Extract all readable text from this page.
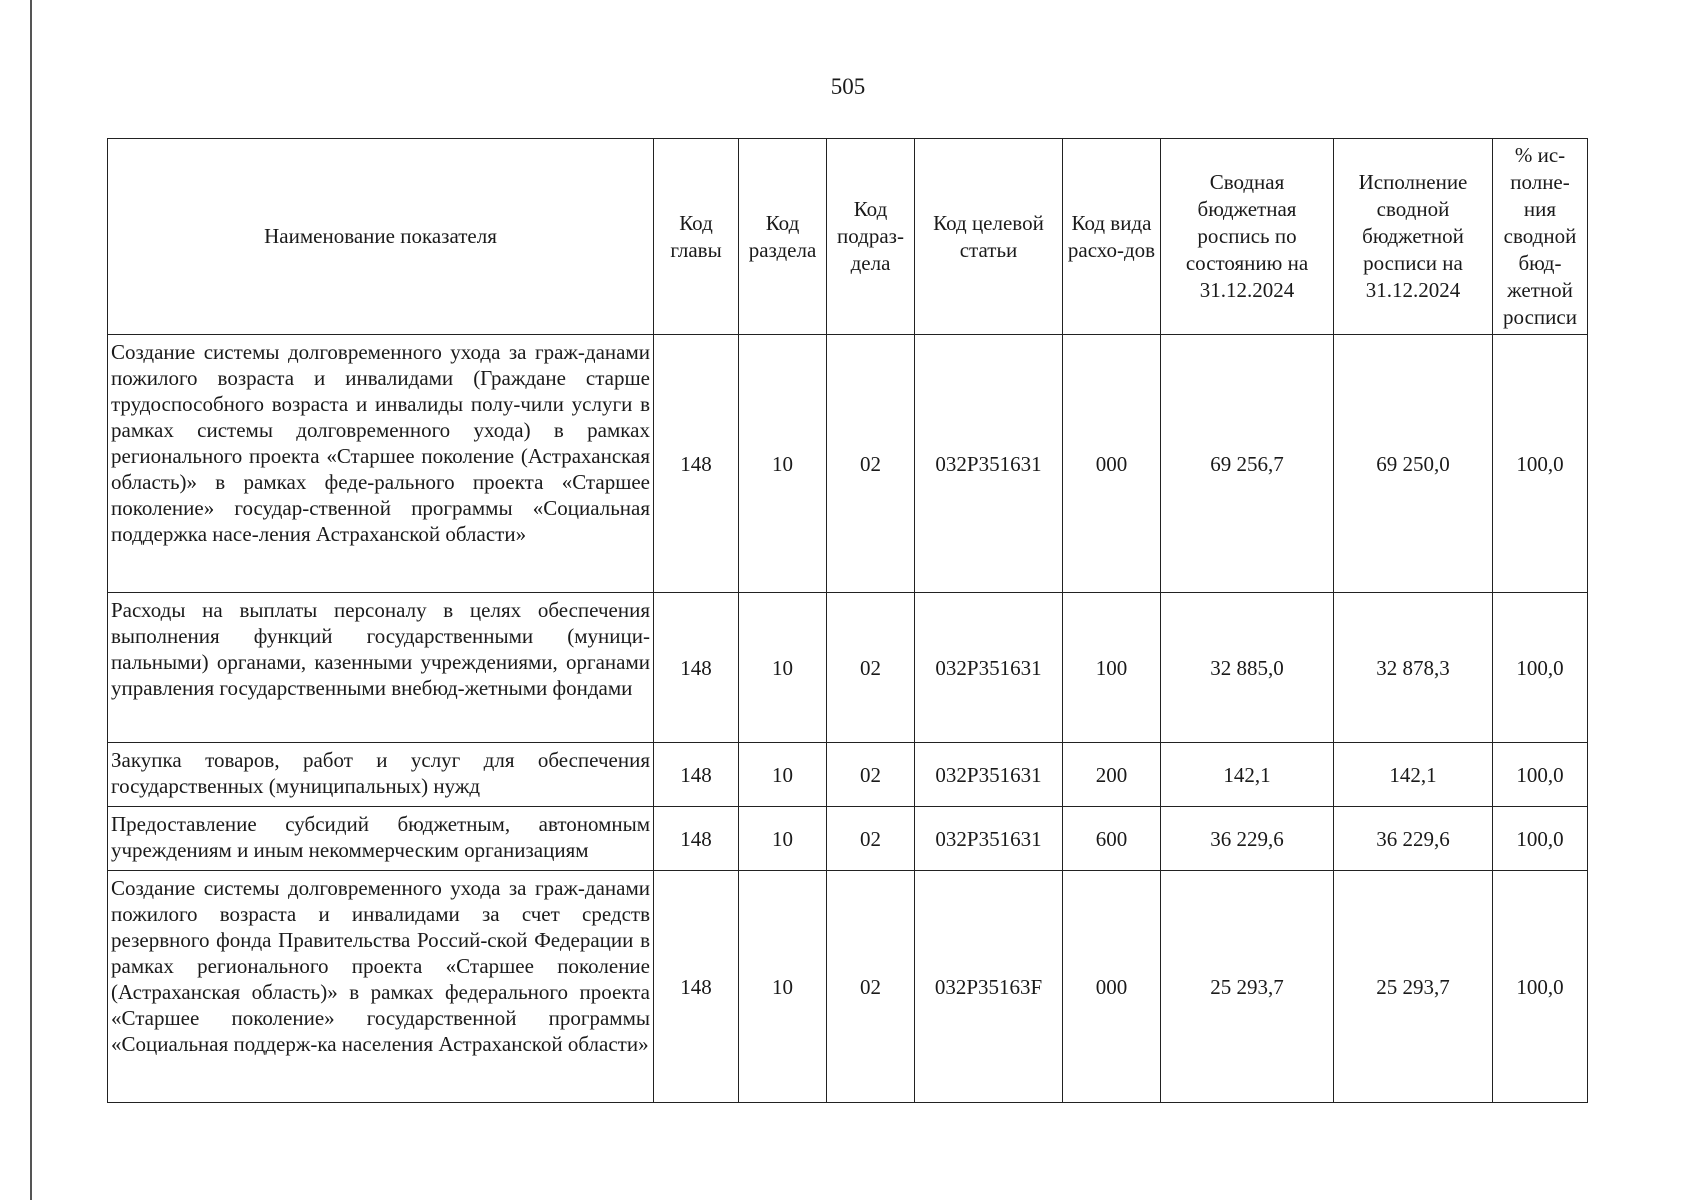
505
Наименование показателя	Код главы	Код раздела	Код подраз-дела	Код целевой статьи	Код вида расхо-дов	Сводная бюджетная роспись по состоянию на 31.12.2024	Исполнение сводной бюджетной росписи на 31.12.2024	% ис-полне-ния сводной бюд-жетной росписи
Создание системы долговременного ухода за граж-данами пожилого возраста и инвалидами (Граждане старше трудоспособного возраста и инвалиды полу-чили услуги в рамках системы долговременного ухода) в рамках регионального проекта «Старшее поколение (Астраханская область)» в рамках феде-рального проекта «Старшее поколение» государ-ственной программы «Социальная поддержка насе-ления Астраханской области»	148	10	02	032P351631	000	69 256,7	69 250,0	100,0
Расходы на выплаты персоналу в целях обеспечения выполнения функций государственными (муници-пальными) органами, казенными учреждениями, органами управления государственными внебюд-жетными фондами	148	10	02	032P351631	100	32 885,0	32 878,3	100,0
Закупка товаров, работ и услуг для обеспечения государственных (муниципальных) нужд	148	10	02	032P351631	200	142,1	142,1	100,0
Предоставление субсидий бюджетным, автономным учреждениям и иным некоммерческим организациям	148	10	02	032P351631	600	36 229,6	36 229,6	100,0
Создание системы долговременного ухода за граж-данами пожилого возраста и инвалидами за счет средств резервного фонда Правительства Россий-ской Федерации в рамках регионального проекта «Старшее поколение (Астраханская область)» в рамках федерального проекта «Старшее поколение» государственной программы «Социальная поддерж-ка населения Астраханской области»	148	10	02	032P35163F	000	25 293,7	25 293,7	100,0
